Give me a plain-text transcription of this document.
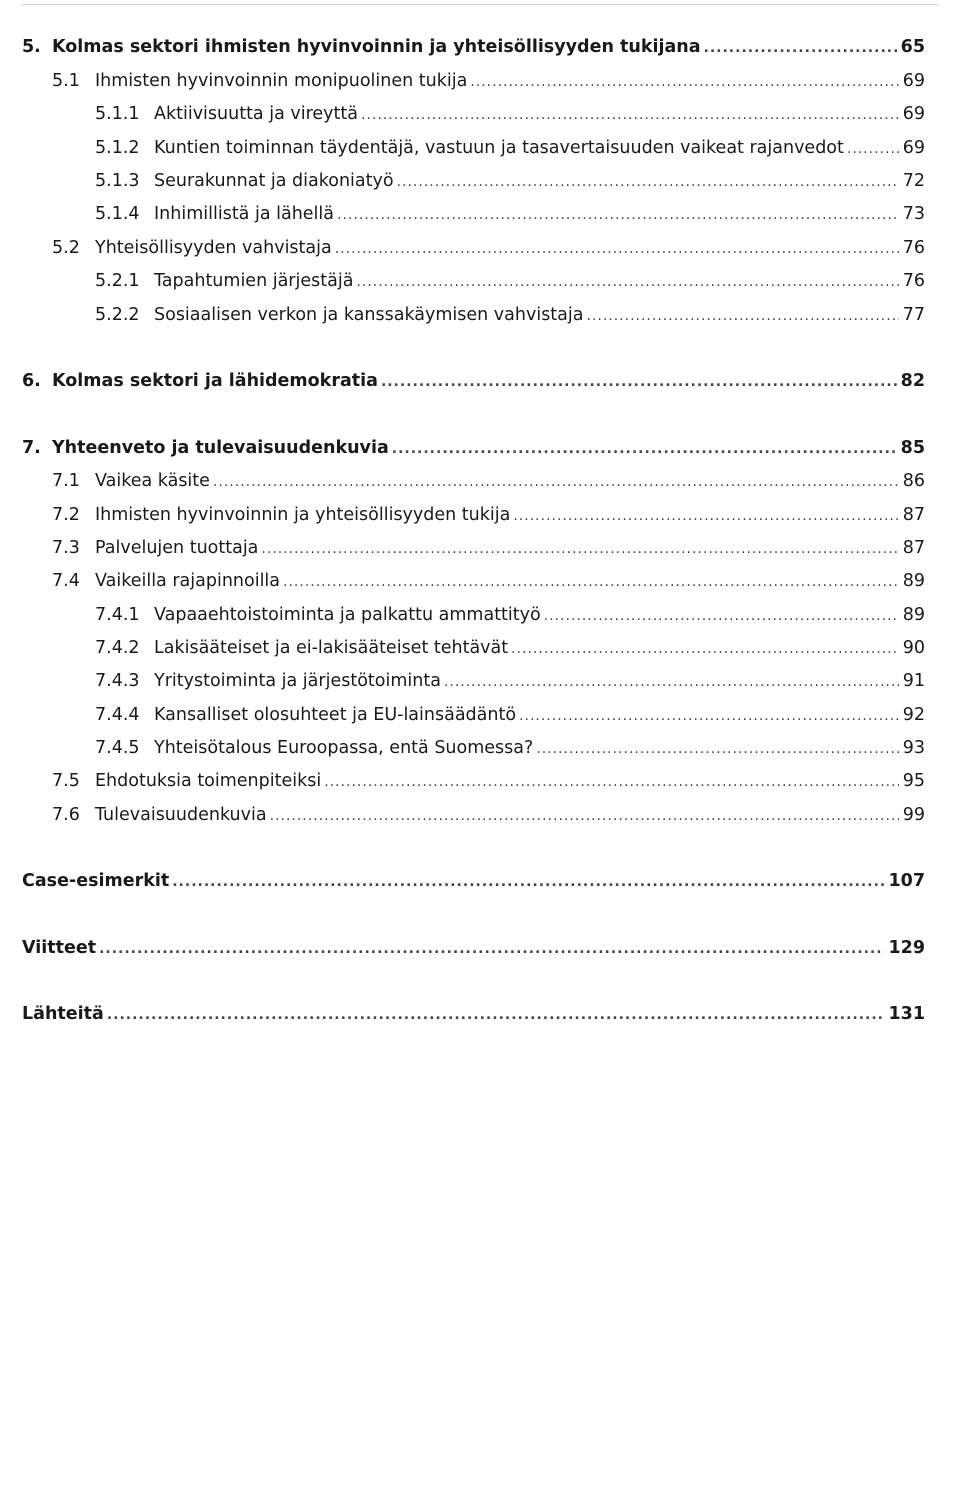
5. Kolmas sektori ihmisten hyvinvoinnin ja yhteisöllisyyden tukijana .....	65
5.1 Ihmisten hyvinvoinnin monipuolinen tukija .....	69
5.1.1 Aktiivisuutta ja vireyttä .....	69
5.1.2 Kuntien toiminnan täydentäjä, vastuun ja tasavertaisuuden vaikeat rajanvedot .....	69
5.1.3 Seurakunnat ja diakoniatyö .....	72
5.1.4 Inhimillistä ja lähellä .....	73
5.2 Yhteisöllisyyden vahvistaja .....	76
5.2.1 Tapahtumien järjestäjä .....	76
5.2.2 Sosiaalisen verkon ja kanssakäymisen vahvistaja .....	77
6. Kolmas sektori ja lähidemokratia .....	82
7. Yhteenveto ja tulevaisuudenkuvia .....	85
7.1 Vaikea käsite .....	86
7.2 Ihmisten hyvinvoinnin ja yhteisöllisyyden tukija .....	87
7.3 Palvelujen tuottaja .....	87
7.4 Vaikeilla rajapinnoilla .....	89
7.4.1 Vapaaehtoistoiminta ja palkattu ammattityö .....	89
7.4.2 Lakisääteiset ja ei-lakisääteiset tehtävät .....	90
7.4.3 Yritystoiminta ja järjestötoiminta .....	91
7.4.4 Kansalliset olosuhteet ja EU-lainsäädäntö .....	92
7.4.5 Yhteisötalous Euroopassa, entä Suomessa? .....	93
7.5 Ehdotuksia toimenpiteiksi .....	95
7.6 Tulevaisuudenkuvia .....	99
Case-esimerkit .....	107
Viitteet .....	129
Lähteitä .....	131
